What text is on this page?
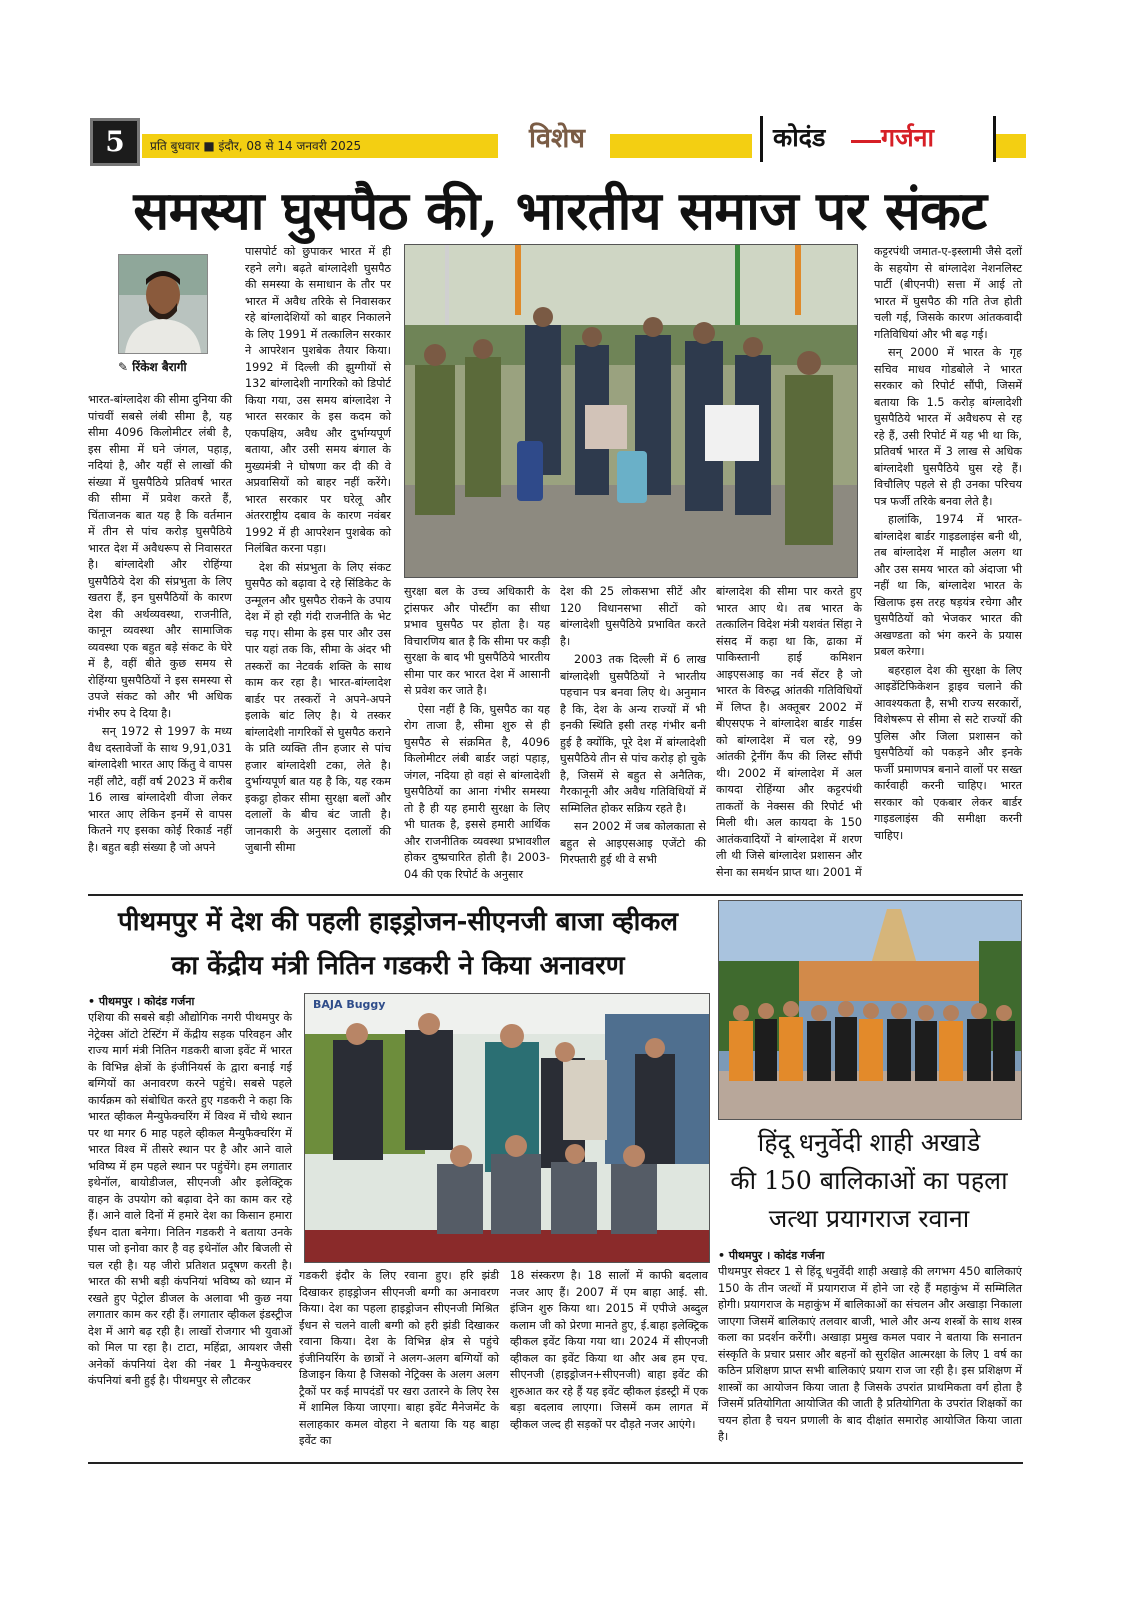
5	प्रति बुधवार ■ इंदौर, 08 से 14 जनवरी 2025	विशेष	कोदंड गर्जना
समस्या घुसपैठ की, भारतीय समाज पर संकट
✎ रिंकेश बैरागी

भारत-बांग्लादेश की सीमा दुनिया की पांचवीं सबसे लंबी सीमा है, यह सीमा 4096 किलोमीटर लंबी है, इस सीमा में घने जंगल, पहाड़, नदियां है, और यहीं से लाखों की संख्या में घुसपैठिये प्रतिवर्ष भारत की सीमा में प्रवेश करते हैं, चिंताजनक बात यह है कि वर्तमान में तीन से पांच करोड़ घुसपैठिये भारत देश में अवैधरूप से निवासरत है। बांग्लादेशी और रोहिंग्या घुसपैठिये देश की संप्रभुता के लिए खतरा हैं, इन घुसपैठियों के कारण देश की अर्थव्यवस्था, राजनीति, कानून व्यवस्था और सामाजिक व्यवस्था एक बहुत बड़े संकट के घेरे में है, वहीं बीते कुछ समय से रोहिंग्या घुसपैठियों ने इस समस्या से उपजे संकट को और भी अधिक गंभीर रुप दे दिया है।

सन् 1972 से 1997 के मध्य वैध दस्तावेजों के साथ 9,91,031 बांग्लादेशी भारत आए किंतु वे वापस नहीं लौटे, वहीं वर्ष 2023 में करीब 16 लाख बांग्लादेशी वीजा लेकर भारत आए लेकिन इनमें से वापस कितने गए इसका कोई रिकार्ड नहीं है। बहुत बड़ी संख्या है जो अपने

पासपोर्ट को छुपाकर भारत में ही रहने लगे। बढ़ते बांग्लादेशी घुसपैठ की समस्या के समाधान के तौर पर भारत में अवैध तरिके से निवासकर रहे बांग्लादेशियों को बाहर निकालने के लिए 1991 में तत्कालिन सरकार ने आपरेशन पुशबेक तैयार किया। 1992 में दिल्ली की झुग्गीयों से 132 बांग्लादेशी नागरिको को डिपोर्ट किया गया, उस समय बांग्लादेश ने भारत सरकार के इस कदम को एकपक्षिय, अवैध और दुर्भाग्यपूर्ण बताया, और उसी समय बंगाल के मुख्यमंत्री ने घोषणा कर दी की वे अप्रवासियों को बाहर नहीं करेंगे। भारत सरकार पर घरेलू और अंतरराष्ट्रीय दबाव के कारण नवंबर 1992 में ही आपरेशन पुशबेक को निलंबित करना पड़ा।

देश की संप्रभुता के लिए संकट घुसपैठ को बढ़ावा दे रहे सिंडिकेट के उन्मूलन और घुसपैठ रोकने के उपाय देश में हो रही गंदी राजनीति के भेट चढ़ गए। सीमा के इस पार और उस पार यहां तक कि, सीमा के अंदर भी तस्करों का नेटवर्क शक्ति के साथ काम कर रहा है। भारत-बांग्लादेश बार्डर पर तस्करों ने अपने-अपने इलाके बांट लिए है। ये तस्कर बांग्लादेशी नागरिकों से घुसपैठ कराने के प्रति व्यक्ति तीन हजार से पांच हजार बांग्लादेशी टका, लेते है। दुर्भाग्यपूर्ण बात यह है कि, यह रकम इकट्ठा होकर सीमा सुरक्षा बलों और दलालों के बीच बंट जाती है। जानकारी के अनुसार दलालों की जुबानी सीमा

सुरक्षा बल के उच्च अधिकारी के ट्रांसफर और पोस्टींग का सीधा प्रभाव घुसपैठ पर होता है। यह विचारणिय बात है कि सीमा पर कड़ी सुरक्षा के बाद भी घुसपैठिये भारतीय सीमा पार कर भारत देश में आसानी से प्रवेश कर जाते है।

ऐसा नहीं है कि, घुसपैठ का यह रोग ताजा है, सीमा शुरु से ही घुसपैठ से संक्रमित है, 4096 किलोमीटर लंबी बार्डर जहां पहाड़, जंगल, नदिया हो वहां से बांग्लादेशी घुसपैठियों का आना गंभीर समस्या तो है ही यह हमारी सुरक्षा के लिए भी घातक है, इससे हमारी आर्थिक और राजनीतिक व्यवस्था प्रभावशील होकर दुष्प्रचारित होती है। 2003-04 की एक रिपोर्ट के अनुसार

देश की 25 लोकसभा सीटें और 120 विधानसभा सीटों को बांग्लादेशी घुसपैठिये प्रभावित करते है।

2003 तक दिल्ली में 6 लाख बांग्लादेशी घुसपैठियों ने भारतीय पहचान पत्र बनवा लिए थे। अनुमान है कि, देश के अन्य राज्यों में भी इनकी स्थिति इसी तरह गंभीर बनी हुई है क्योंकि, पूरे देश में बांग्लादेशी घुसपैठिये तीन से पांच करोड़ हो चुके है, जिसमें से बहुत से अनैतिक, गैरकानूनी और अवैध गतिविधियों में सम्मिलित होकर सक्रिय रहते है।

सन 2002 में जब कोलकाता से बहुत से आइएसआइ एजेंटो की गिरफ्तारी हुई थी वे सभी

बांग्लादेश की सीमा पार करते हुए भारत आए थे। तब भारत के तत्कालिन विदेश मंत्री यशवंत सिंहा ने संसद में कहा था कि, ढाका में पाकिस्तानी हाई कमिशन आइएसआइ का नर्व सेंटर है जो भारत के विरुद्ध आंतकी गतिविधियों में लिप्त है। अक्तूबर 2002 में बीएसएफ ने बांग्लादेश बार्डर गार्डस को बांग्लादेश में चल रहे, 99 आंतकी ट्रेनींग कैंप की लिस्ट सौंपी थी। 2002 में बांग्लादेश में अल कायदा रोहिंग्या और कट्टरपंथी ताकतों के नेक्सस की रिपोर्ट भी मिली थी। अल कायदा के 150 आतंकवादियों ने बांग्लादेश में शरण ली थी जिसे बांग्लादेश प्रशासन और सेना का समर्थन प्राप्त था। 2001 में

कट्टरपंथी जमात-ए-इस्लामी जैसे दलों के सहयोग से बांग्लादेश नेशनलिस्ट पार्टी (बीएनपी) सत्ता में आई तो भारत में घुसपैठ की गति तेज होती चली गई, जिसके कारण आंतकवादी गतिविधियां और भी बढ़ गई।

सन् 2000 में भारत के गृह सचिव माधव गोडबोले ने भारत सरकार को रिपोर्ट सौंपी, जिसमें बताया कि 1.5 करोड़ बांग्लादेशी घुसपैठिये भारत में अवैधरुप से रह रहे हैं, उसी रिपोर्ट में यह भी था कि, प्रतिवर्ष भारत में 3 लाख से अधिक बांग्लादेशी घुसपैठिये घुस रहे हैं। विचौलिए पहले से ही उनका परिचय पत्र फर्जी तरिके बनवा लेते है।

हालांकि, 1974 में भारत-बांग्लादेश बार्डर गाइडलाइंस बनी थी, तब बांग्लादेश में माहौल अलग था और उस समय भारत को अंदाजा भी नहीं था कि, बांग्लादेश भारत के खिलाफ इस तरह षड़यंत्र रचेगा और घुसपैठियों को भेजकर भारत की अखण्डता को भंग करने के प्रयास प्रबल करेगा।

बहरहाल देश की सुरक्षा के लिए आइडेंटिफिकेशन ड्राइव चलाने की आवश्यकता है, सभी राज्य सरकारों, विशेषरूप से सीमा से सटे राज्यों की पुलिस और जिला प्रशासन को घुसपैठियों को पकड़ने और इनके फर्जी प्रमाणपत्र बनाने वालों पर सख्त कार्रवाही करनी चाहिए। भारत सरकार को एकबार लेकर बार्डर गाइडलाइंस की समीक्षा करनी चाहिए।

पीथमपुर में देश की पहली हाइड्रोजन-सीएनजी बाजा व्हीकल
का केंद्रीय मंत्री नितिन गडकरी ने किया अनावरण
• पीथमपुर । कोदंड गर्जना

एशिया की सबसे बड़ी औद्योगिक नगरी पीथमपुर के नेट्रेक्स ऑटो टेस्टिंग में केंद्रीय सड़क परिवहन और राज्य मार्ग मंत्री नितिन गडकरी बाजा इवेंट में भारत के विभिन्न क्षेत्रों के इंजीनियर्स के द्वारा बनाई गई बग्गियों का अनावरण करने पहुंचे। सबसे पहले कार्यक्रम को संबोधित करते हुए गडकरी ने कहा कि भारत व्हीकल मैन्युफेक्चरिंग में विश्व में चौथे स्थान पर था मगर 6 माह पहले व्हीकल मैन्युफैक्चरिंग में भारत विश्व में तीसरे स्थान पर है और आने वाले भविष्य में हम पहले स्थान पर पहुंचेंगे। हम लगातार इथेनॉल, बायोडीजल, सीएनजी और इलेक्ट्रिक वाहन के उपयोग को बढ़ावा देने का काम कर रहे हैं। आने वाले दिनों में हमारे देश का किसान हमारा ईंधन दाता बनेगा। नितिन गडकरी ने बताया उनके पास जो इनोवा कार है वह इथेनॉल और बिजली से चल रही है। यह जीरो प्रतिशत प्रदूषण करती है। भारत की सभी बड़ी कंपनियां भविष्य को ध्यान में रखते हुए पेट्रोल डीजल के अलावा भी कुछ नया लगातार काम कर रही हैं। लगातार व्हीकल इंडस्ट्रीज देश में आगे बढ़ रही है। लाखों रोजगार भी युवाओं को मिल पा रहा है। टाटा, महिंद्रा, आयशर जैसी अनेकों कंपनियां देश की नंबर 1 मैन्युफेक्चरर कंपनियां बनी हुई है। पीथमपुर से लौटकर

BAJA Buggy

गडकरी इंदौर के लिए रवाना हुए। हरि झंडी दिखाकर हाइड्रोजन सीएनजी बग्गी का अनावरण किया। देश का पहला हाइड्रोजन सीएनजी मिश्रित ईंधन से चलने वाली बग्गी को हरी झंडी दिखाकर रवाना किया। देश के विभिन्न क्षेत्र से पहुंचे इंजीनियरिंग के छात्रों ने अलग-अलग बग्गियों को डिजाइन किया है जिसको नेट्रिक्स के अलग अलग ट्रैकों पर कई मापदंडों पर खरा उतारने के लिए रेस में शामिल किया जाएगा। बाहा इवेंट मैनेजमेंट के सलाहकार कमल वोहरा ने बताया कि यह बाहा इवेंट का

18 संस्करण है। 18 सालों में काफी बदलाव नजर आए हैं। 2007 में एम बाहा आई. सी. इंजिन शुरु किया था। 2015 में एपीजे अब्दुल कलाम जी को प्रेरणा मानते हुए, ई.बाहा इलेक्ट्रिक व्हीकल इवेंट किया गया था। 2024 में सीएनजी व्हीकल का इवेंट किया था और अब हम एच. सीएनजी (हाइड्रोजन+सीएनजी) बाहा इवेंट की शुरुआत कर रहे हैं यह इवेंट व्हीकल इंडस्ट्री में एक बड़ा बदलाव लाएगा। जिसमें कम लागत में व्हीकल जल्द ही सड़कों पर दौड़ते नजर आएंगे।

हिंदू धनुर्वेदी शाही अखाडे
की 150 बालिकाओं का पहला
जत्था प्रयागराज रवाना
• पीथमपुर । कोदंड गर्जना

पीथमपुर सेक्टर 1 से हिंदू धनुर्वेदी शाही अखाड़े की लगभग 450 बालिकाएं 150 के तीन जत्थों में प्रयागराज में होने जा रहे हैं महाकुंभ में सम्मिलित होगी। प्रयागराज के महाकुंभ में बालिकाओं का संचलन और अखाड़ा निकाला जाएगा जिसमें बालिकाएं तलवार बाजी, भाले और अन्य शस्त्रों के साथ शस्त्र कला का प्रदर्शन करेंगी। अखाड़ा प्रमुख कमल पवार ने बताया कि सनातन संस्कृति के प्रचार प्रसार और बहनों को सुरक्षित आत्मरक्षा के लिए 1 वर्ष का कठिन प्रशिक्षण प्राप्त सभी बालिकाएं प्रयाग राज जा रही है। इस प्रशिक्षण में शास्त्रों का आयोजन किया जाता है जिसके उपरांत प्राथमिकता वर्ग होता है जिसमें प्रतियोगिता आयोजित की जाती है प्रतियोगिता के उपरांत शिक्षकों का चयन होता है चयन प्रणाली के बाद दीक्षांत समारोह आयोजित किया जाता है।
